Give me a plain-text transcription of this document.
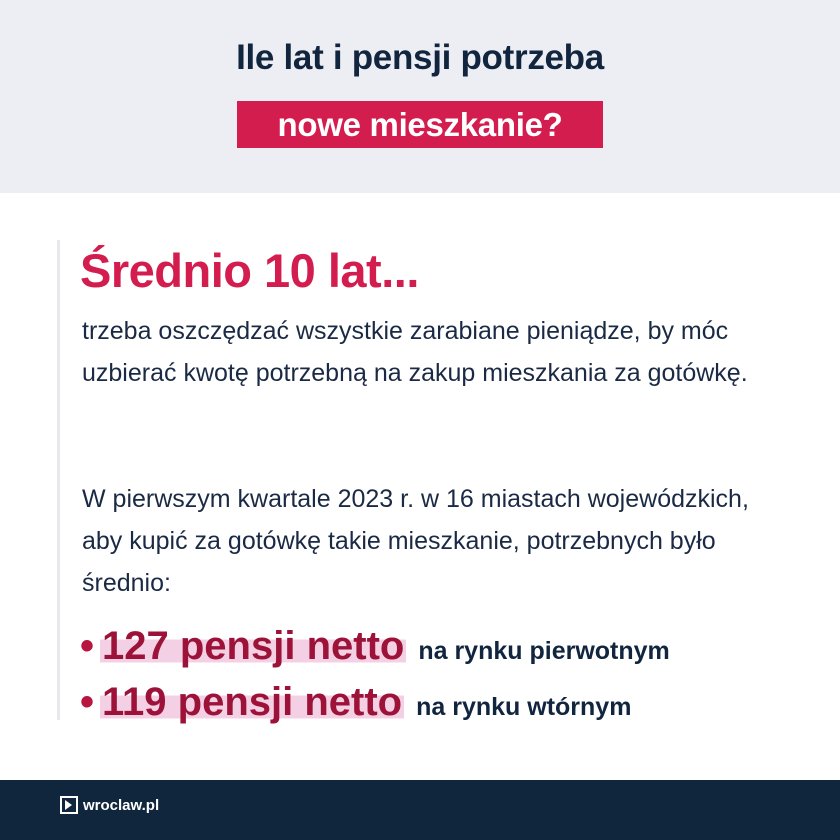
Ile lat i pensji potrzeba
nowe mieszkanie?
Średnio 10 lat...
trzeba oszczędzać wszystkie zarabiane pieniądze, by móc uzbierać kwotę potrzebną na zakup mieszkania za gotówkę.
W pierwszym kwartale 2023 r. w 16 miastach wojewódzkich, aby kupić za gotówkę takie mieszkanie, potrzebnych było średnio:
• 127 pensji netto na rynku pierwotnym
• 119 pensji netto na rynku wtórnym
wroclaw.pl
